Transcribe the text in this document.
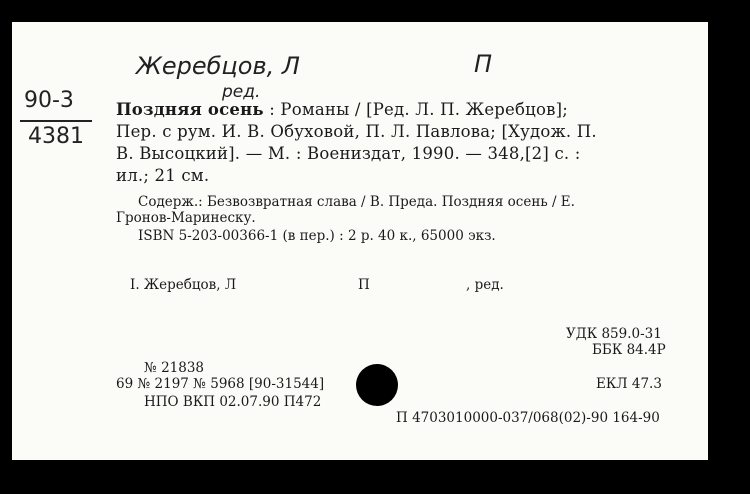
Жеребцов, Л	П
ред.
90-3
4381
Поздняя осень : Романы / [Ред. Л. П. Жеребцов];
Пер. с рум. И. В. Обуховой, П. Л. Павлова; [Худож. П.
В. Высоцкий]. — М. : Воениздат, 1990. — 348,[2] с. :
ил.; 21 см.
Содерж.: Безвозвратная слава / В. Преда. Поздняя осень / Е.
Гронов-Маринеску.
ISBN 5-203-00366-1 (в пер.) : 2 р. 40 к., 65000 экз.
I. Жеребцов, Л	П	, ред.
УДК 859.0-31
ББК 84.4Р
№ 21838
69 № 2197 № 5968 [90-31544]
НПО ВКП 02.07.90 П472
ЕКЛ 47.3
П 4703010000-037/068(02)-90 164-90
